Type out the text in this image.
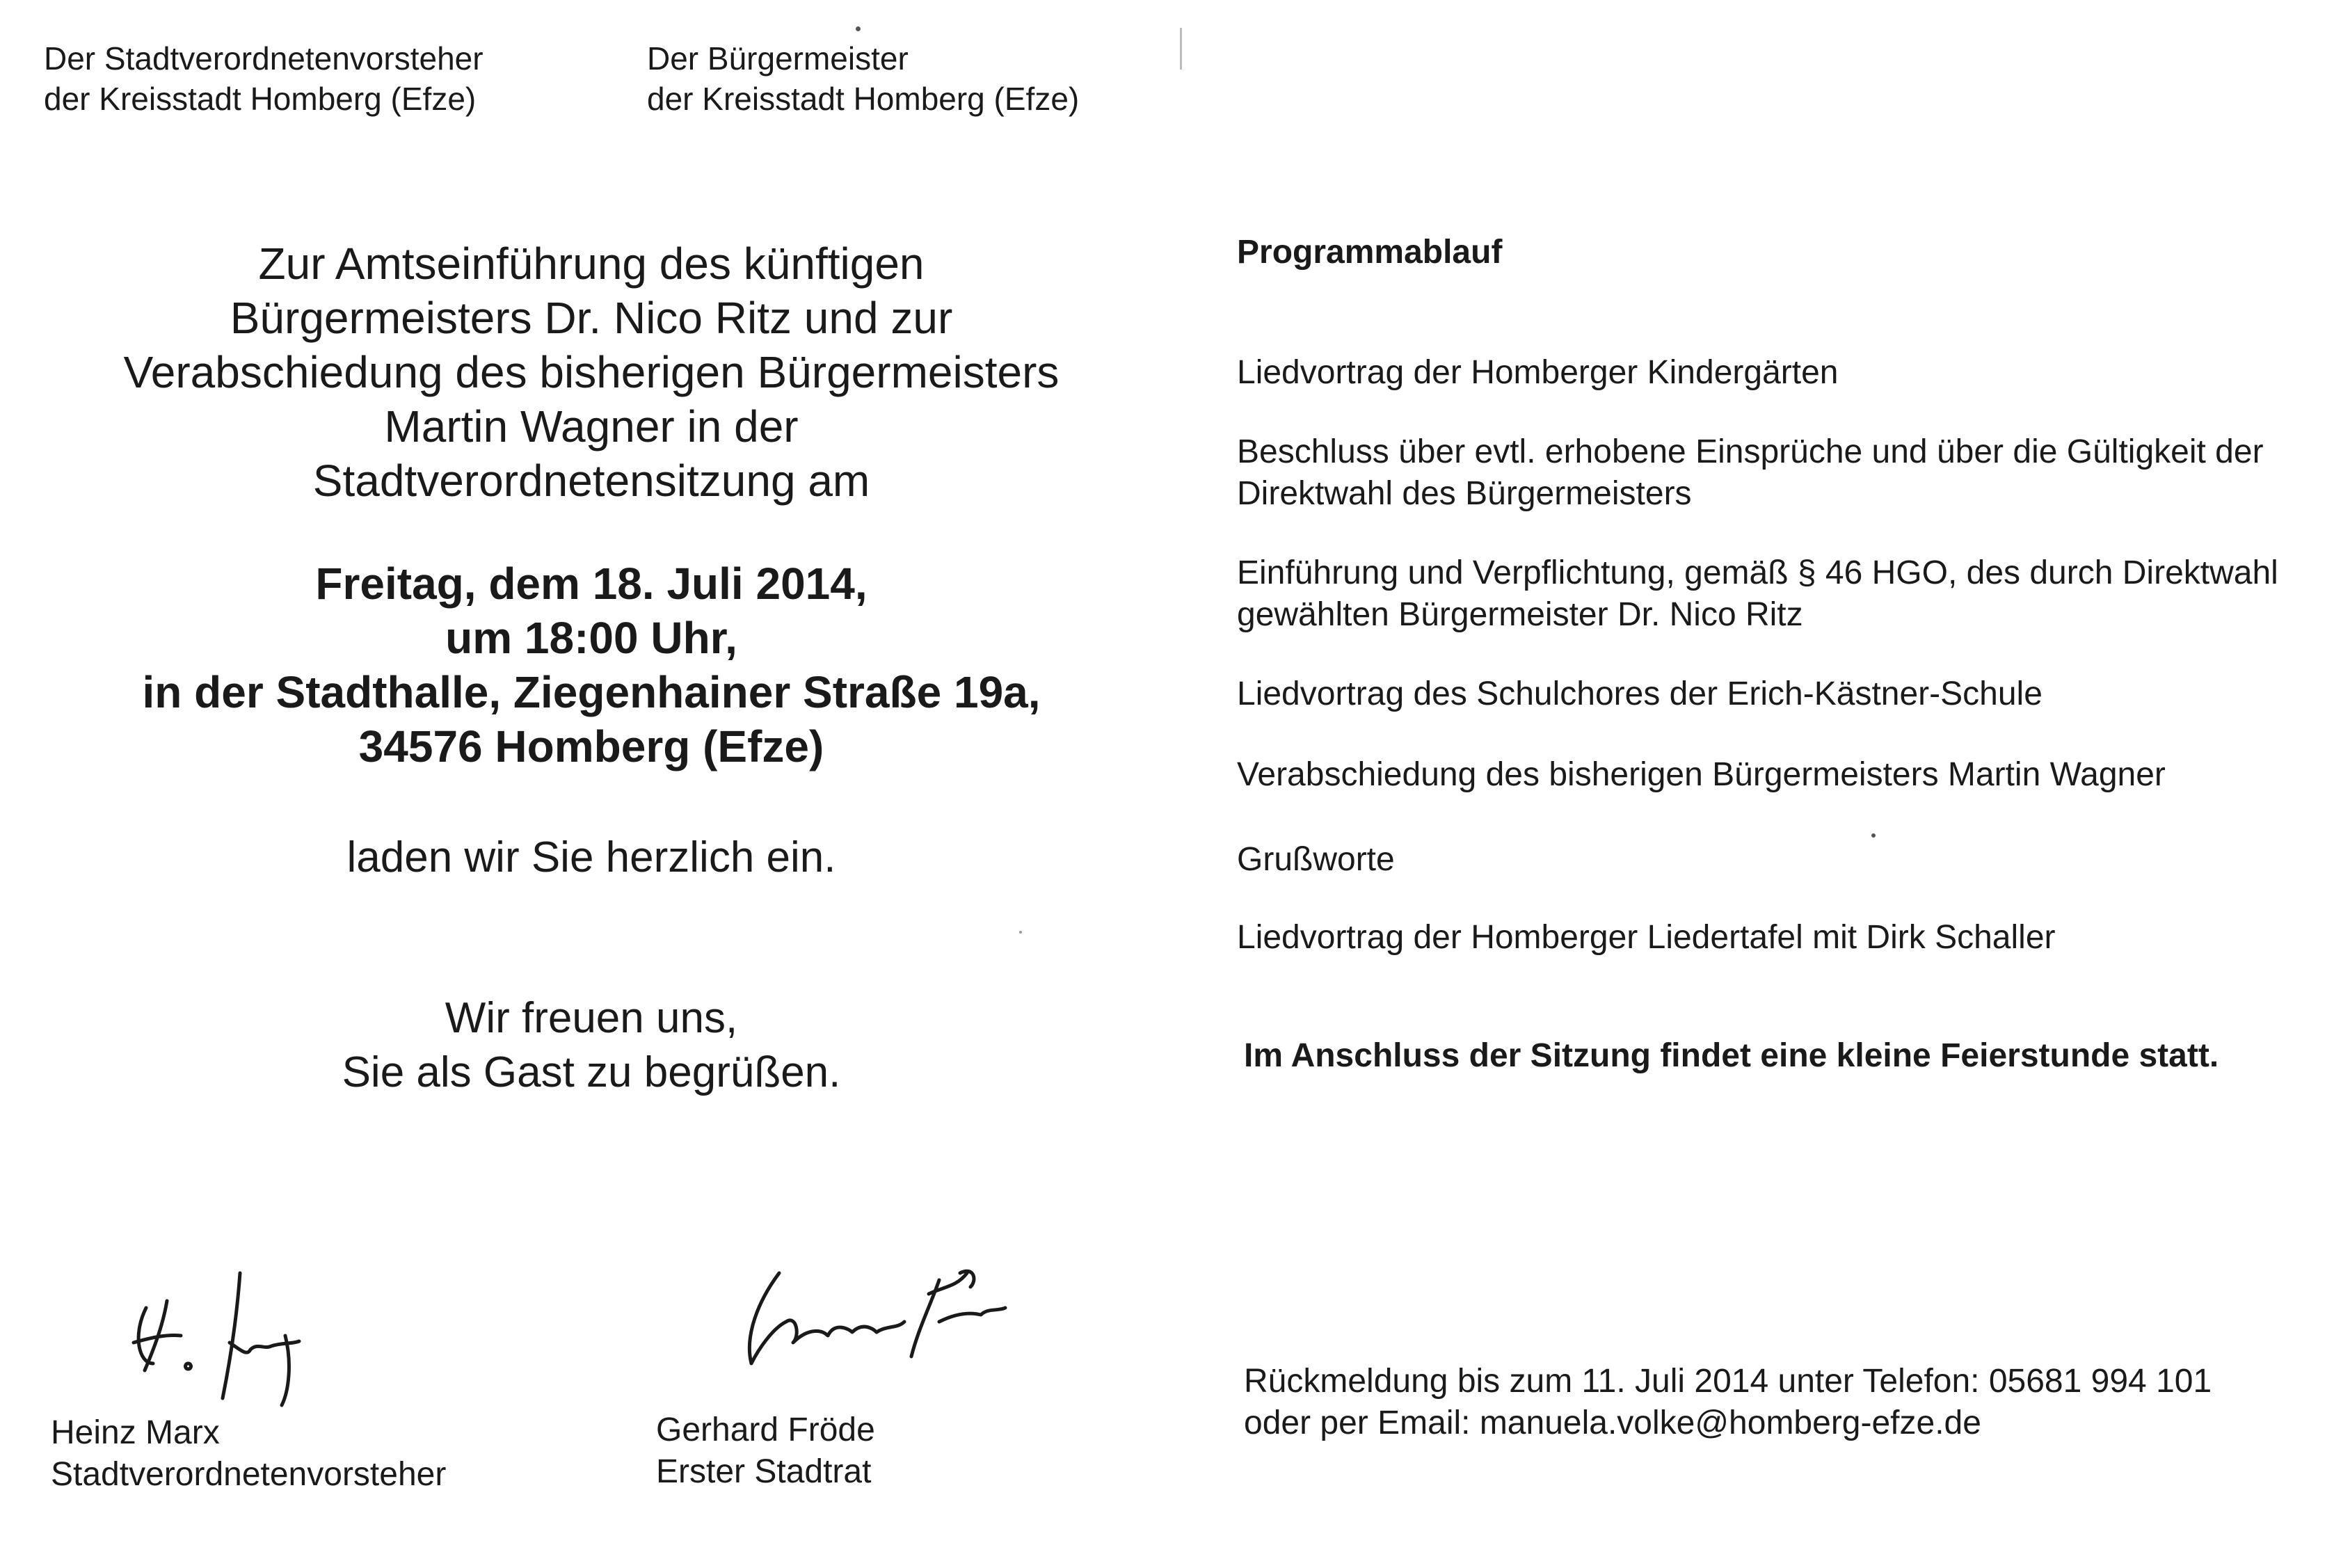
Der Stadtverordnetenvorsteher
der Kreisstadt Homberg (Efze)
Der Bürgermeister
der Kreisstadt Homberg (Efze)
Zur Amtseinführung des künftigen
Bürgermeisters Dr. Nico Ritz und zur
Verabschiedung des bisherigen Bürgermeisters
Martin Wagner in der
Stadtverordnetensitzung am
Freitag, dem 18. Juli 2014,
um 18:00 Uhr,
in der Stadthalle, Ziegenhainer Straße 19a,
34576 Homberg (Efze)
laden wir Sie herzlich ein.
Wir freuen uns,
Sie als Gast zu begrüßen.
Heinz Marx
Stadtverordnetenvorsteher
Gerhard Fröde
Erster Stadtrat
Programmablauf
Liedvortrag der Homberger Kindergärten
Beschluss über evtl. erhobene Einsprüche und über die Gültigkeit der Direktwahl des Bürgermeisters
Einführung und Verpflichtung, gemäß § 46 HGO, des durch Direktwahl gewählten Bürgermeister Dr. Nico Ritz
Liedvortrag des Schulchores der Erich-Kästner-Schule
Verabschiedung des bisherigen Bürgermeisters Martin Wagner
Grußworte
Liedvortrag der Homberger Liedertafel mit Dirk Schaller
Im Anschluss der Sitzung findet eine kleine Feierstunde statt.
Rückmeldung bis zum 11. Juli 2014 unter Telefon: 05681 994 101
oder per Email: manuela.volke@homberg-efze.de
